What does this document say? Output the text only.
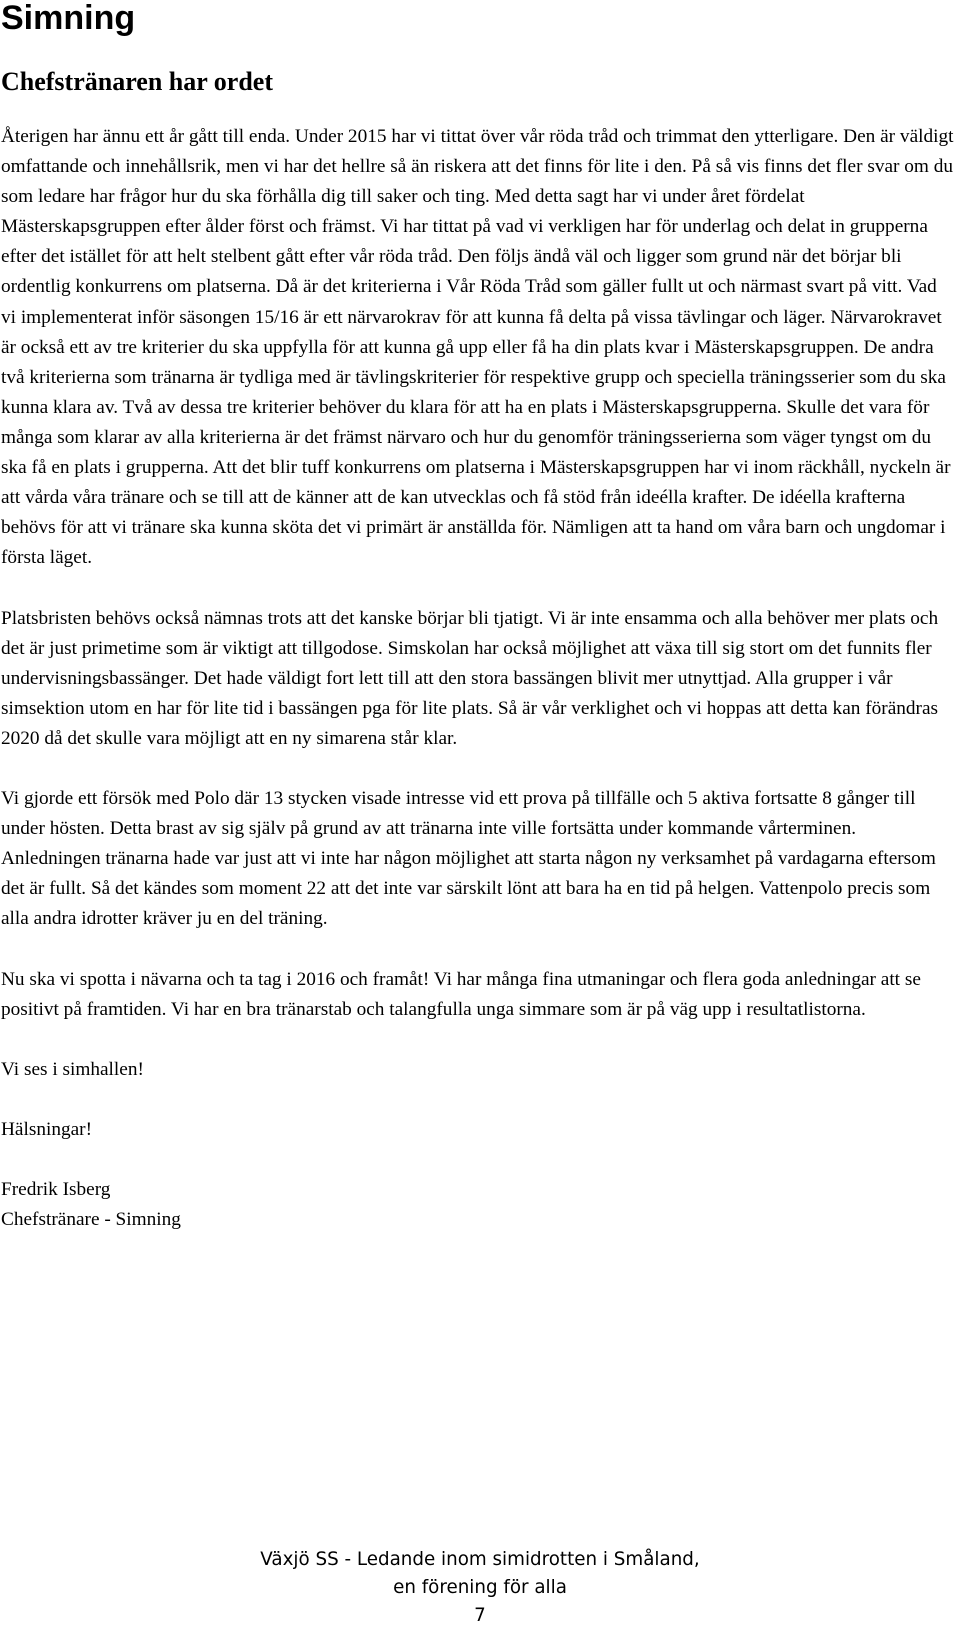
Simning
Chefstränaren har ordet

Återigen har ännu ett år gått till enda. Under 2015 har vi tittat över vår röda tråd och trimmat den ytterligare. Den är väldigt omfattande och innehållsrik, men vi har det hellre så än riskera att det finns för lite i den. På så vis finns det fler svar om du som ledare har frågor hur du ska förhålla dig till saker och ting. Med detta sagt har vi under året fördelat Mästerskapsgruppen efter ålder först och främst. Vi har tittat på vad vi verkligen har för underlag och delat in grupperna efter det istället för att helt stelbent gått efter vår röda tråd. Den följs ändå väl och ligger som grund när det börjar bli ordentlig konkurrens om platserna. Då är det kriterierna i Vår Röda Tråd som gäller fullt ut och närmast svart på vitt. Vad vi implementerat inför säsongen 15/16 är ett närvarokrav för att kunna få delta på vissa tävlingar och läger. Närvarokravet är också ett av tre kriterier du ska uppfylla för att kunna gå upp eller få ha din plats kvar i Mästerskapsgruppen. De andra två kriterierna som tränarna är tydliga med är tävlingskriterier för respektive grupp och speciella träningsserier som du ska kunna klara av. Två av dessa tre kriterier behöver du klara för att ha en plats i Mästerskapsgrupperna. Skulle det vara för många som klarar av alla kriterierna är det främst närvaro och hur du genomför träningsserierna som väger tyngst om du ska få en plats i grupperna. Att det blir tuff konkurrens om platserna i Mästerskapsgruppen har vi inom räckhåll, nyckeln är att vårda våra tränare och se till att de känner att de kan utvecklas och få stöd från ideélla krafter. De idéella krafterna behövs för att vi tränare ska kunna sköta det vi primärt är anställda för. Nämligen att ta hand om våra barn och ungdomar i första läget.

Platsbristen behövs också nämnas trots att det kanske börjar bli tjatigt. Vi är inte ensamma och alla behöver mer plats och det är just primetime som är viktigt att tillgodose. Simskolan har också möjlighet att växa till sig stort om det funnits fler undervisningsbassänger. Det hade väldigt fort lett till att den stora bassängen blivit mer utnyttjad. Alla grupper i vår simsektion utom en har för lite tid i bassängen pga för lite plats. Så är vår verklighet och vi hoppas att detta kan förändras 2020 då det skulle vara möjligt att en ny simarena står klar.

Vi gjorde ett försök med Polo där 13 stycken visade intresse vid ett prova på tillfälle och 5 aktiva fortsatte 8 gånger till under hösten. Detta brast av sig själv på grund av att tränarna inte ville fortsätta under kommande vårterminen. Anledningen tränarna hade var just att vi inte har någon möjlighet att starta någon ny verksamhet på vardagarna eftersom det är fullt. Så det kändes som moment 22 att det inte var särskilt lönt att bara ha en tid på helgen. Vattenpolo precis som alla andra idrotter kräver ju en del träning.

Nu ska vi spotta i nävarna och ta tag i 2016 och framåt! Vi har många fina utmaningar och flera goda anledningar att se positivt på framtiden. Vi har en bra tränarstab och talangfulla unga simmare som är på väg upp i resultatlistorna.

Vi ses i simhallen!

Hälsningar!

Fredrik Isberg

Chefstränare - Simning

Växjö SS - Ledande inom simidrotten i Småland,
en förening för alla
7
